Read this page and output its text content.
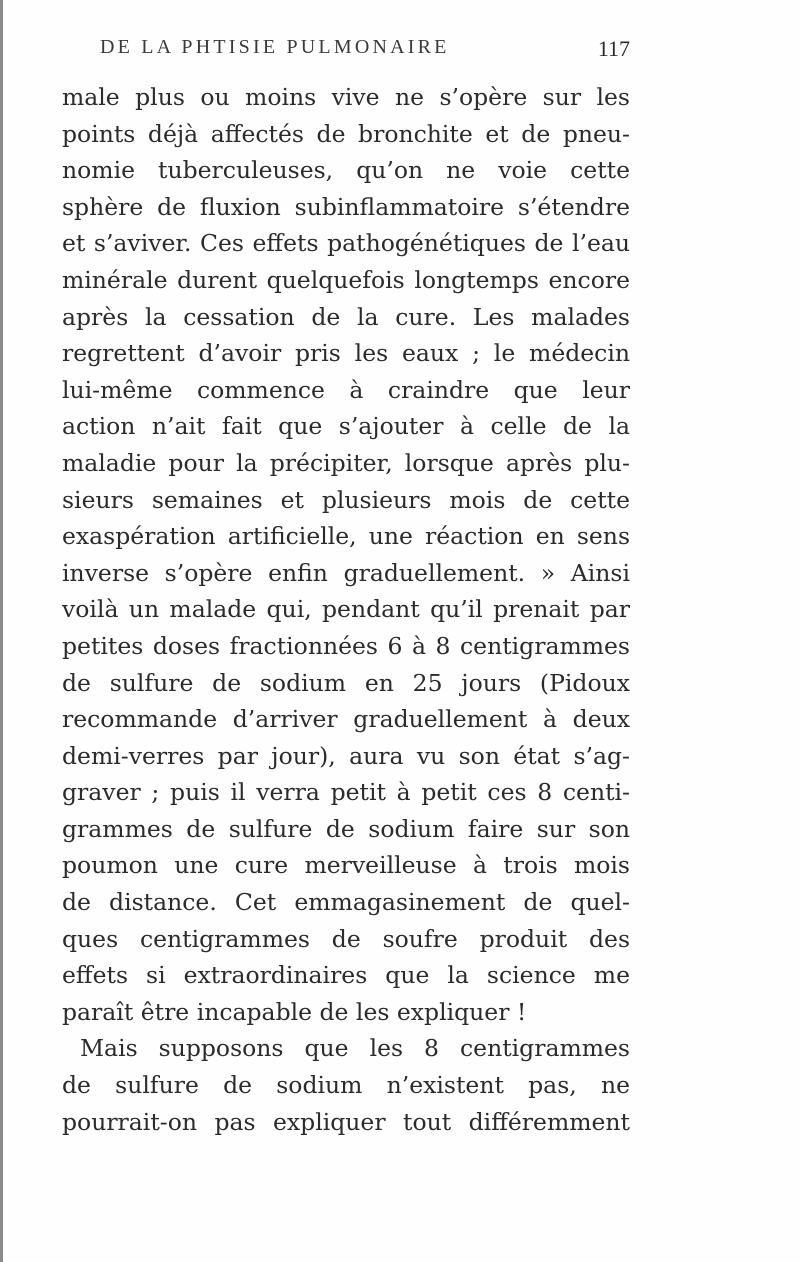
DE LA PHTISIE PULMONAIRE	117
male plus ou moins vive ne s’opère sur les
points déjà affectés de bronchite et de pneu-
nomie tuberculeuses, qu’on ne voie cette
sphère de fluxion subinflammatoire s’étendre
et s’aviver. Ces effets pathogénétiques de l’eau
minérale durent quelquefois longtemps encore
après la cessation de la cure. Les malades
regrettent d’avoir pris les eaux ; le médecin
lui-même commence à craindre que leur
action n’ait fait que s’ajouter à celle de la
maladie pour la précipiter, lorsque après plu-
sieurs semaines et plusieurs mois de cette
exaspération artificielle, une réaction en sens
inverse s’opère enfin graduellement. » Ainsi
voilà un malade qui, pendant qu’il prenait par
petites doses fractionnées 6 à 8 centigrammes
de sulfure de sodium en 25 jours (Pidoux
recommande d’arriver graduellement à deux
demi-verres par jour), aura vu son état s’ag-
graver ; puis il verra petit à petit ces 8 centi-
grammes de sulfure de sodium faire sur son
poumon une cure merveilleuse à trois mois
de distance. Cet emmagasinement de quel-
ques centigrammes de soufre produit des
effets si extraordinaires que la science me
paraît être incapable de les expliquer !
Mais supposons que les 8 centigrammes
de sulfure de sodium n’existent pas, ne
pourrait-on pas expliquer tout différemment
